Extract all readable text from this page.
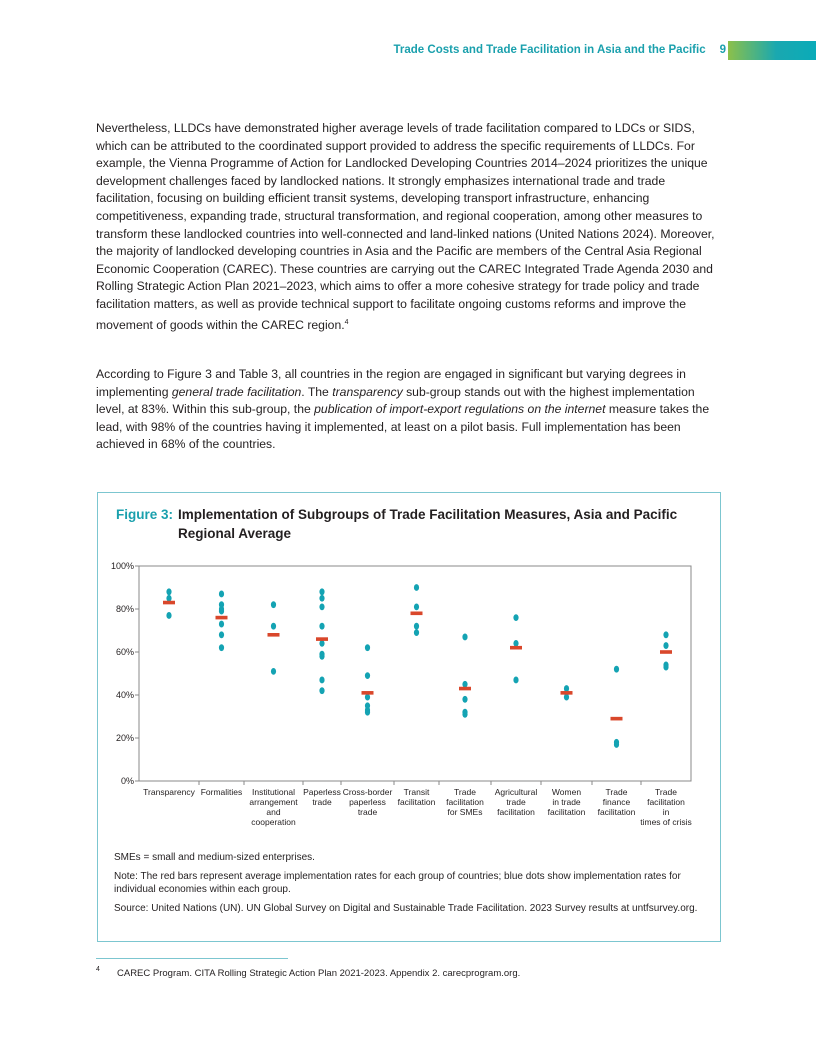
Trade Costs and Trade Facilitation in Asia and the Pacific 9

Nevertheless, LLDCs have demonstrated higher average levels of trade facilitation compared to LDCs or SIDS, which can be attributed to the coordinated support provided to address the specific requirements of LLDCs. For example, the Vienna Programme of Action for Landlocked Developing Countries 2014–2024 prioritizes the unique development challenges faced by landlocked nations. It strongly emphasizes international trade and trade facilitation, focusing on building efficient transit systems, developing transport infrastructure, enhancing competitiveness, expanding trade, structural transformation, and regional cooperation, among other measures to transform these landlocked countries into well-connected and land-linked nations (United Nations 2024). Moreover, the majority of landlocked developing countries in Asia and the Pacific are members of the Central Asia Regional Economic Cooperation (CAREC). These countries are carrying out the CAREC Integrated Trade Agenda 2030 and Rolling Strategic Action Plan 2021–2023, which aims to offer a more cohesive strategy for trade policy and trade facilitation matters, as well as provide technical support to facilitate ongoing customs reforms and improve the movement of goods within the CAREC region.$^4$

According to Figure 3 and Table 3, all countries in the region are engaged in significant but varying degrees in implementing general trade facilitation. The transparency sub-group stands out with the highest implementation level, at 83%. Within this sub-group, the publication of import-export regulations on the internet measure takes the lead, with 98% of the countries having it implemented, at least on a pilot basis. Full implementation has been achieved in 68% of the countries.

Figure 3: Implementation of Subgroups of Trade Facilitation Measures, Asia and Pacific Regional Average
0%
20%
40%
60%
80%
100%
Transparency Formalities	Institutional arrangement and cooperation
Paperless trade
Cross-border paperless trade
Transit facilitation
Trade facilitation for SMEs
Agricultural trade facilitation
Women in trade facilitation
Trade finance facilitation
Trade facilitation in times of crisis

SMEs = small and medium-sized enterprises.

Note: The red bars represent average implementation rates for each group of countries; blue dots show implementation rates for individual economies within each group.

Source: United Nations (UN). UN Global Survey on Digital and Sustainable Trade Facilitation. 2023 Survey results at untfsurvey.org.

4 CAREC Program. CITA Rolling Strategic Action Plan 2021-2023. Appendix 2. carecprogram.org.
